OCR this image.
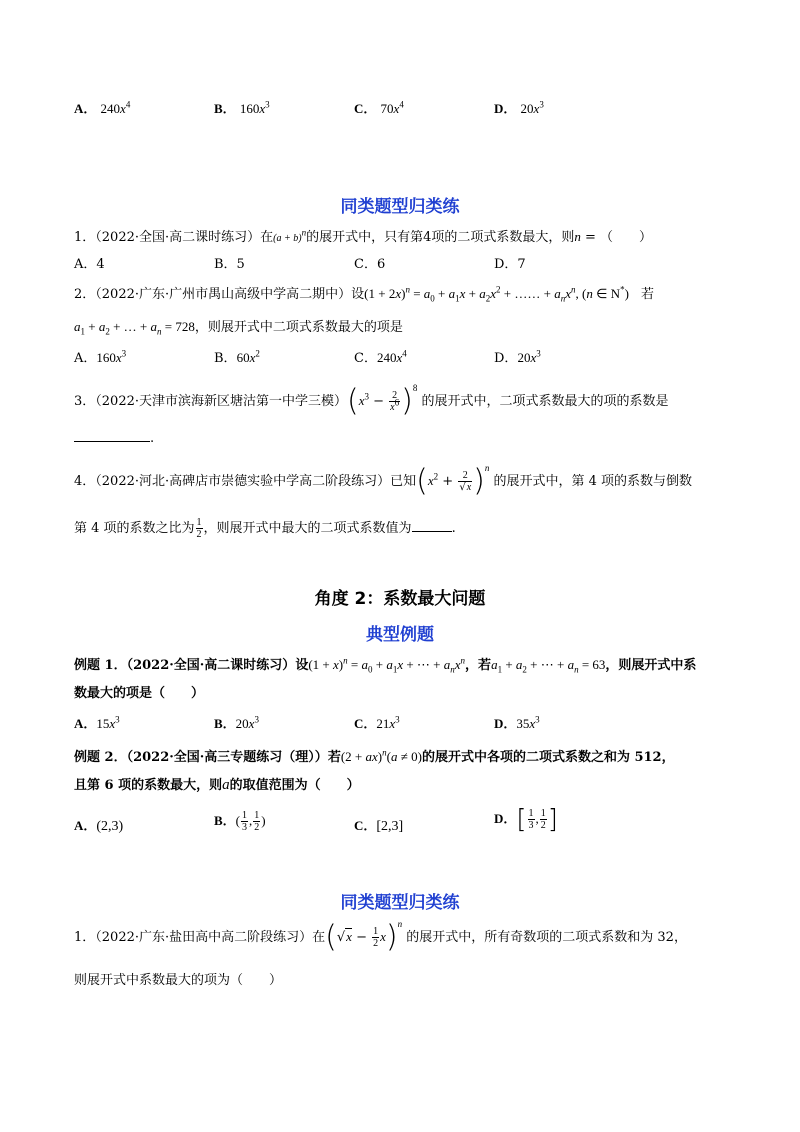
A． $240x^4$	B． $160x^3$	C． $70x^4$	D． $20x^3$
同类题型归类练
1．（2022·全国·高二课时练习）在$(a + b)^n$的展开式中，只有第4项的二项式系数最大，则n = （　　）
A．4	B．5	C．6	D．7
2．（2022·广东·广州市禺山高级中学高二期中）设$(1 + 2x)^n = a_0 + a_1x + a_2x^2$ + …… + $a_nx^n$, (n ∈ N*) 若
$a_1 + a_2$ + … + $a_n = 728$，则展开式中二项式系数最大的项是
A．$160x^3$	B．$60x^2$	C．$240x^4$	D．$20x^3$
3．（2022·天津市滨海新区塘沽第一中学三模）$(x^3 - \frac{2}{x^6} )^8$ 的展开式中，二项式系数最大的项的系数是
.
4．（2022·河北·高碑店市崇德实验中学高二阶段练习）已知$(x^2 + \frac{2}{√x} )^n$ 的展开式中，第 4 项的系数与倒数
第 4 项的系数之比为 $\frac{1}{2}$ ，则展开式中最大的二项式系数值为	.
角度 2：系数最大问题
典型例题
例题 1．（2022·全国·高二课时练习）设$(1 + x)^n = a_0 + a_1x$ + ⋯ + $a_nx^n$，若$a_1 + a_2$ + ⋯ + $a_n = 63$，则展开式中系
数最大的项是（　　）
A．$15x^3$	B．$20x^3$	C．$21x^3$	D．$35x^3$
例题 2．（2022·全国·高三专题练习（理））若(2 + ax)$^n$(a ≠ 0)的展开式中各项的二项式系数之和为 512，
且第 6 项的系数最大，则a的取值范围为（　　）
A．(2,3)	B．( $\frac{1}{3}$ , $\frac{1}{2}$ )	C．[2,3]
D．[ $\frac{1}{3}$ , $\frac{1}{2}$ ]
同类题型归类练
1．（2022·广东·盐田高中高二阶段练习）在$(√x - \frac{1}{2} x)^n$ 的展开式中，所有奇数项的二项式系数和为 32，
则展开式中系数最大的项为（　　）
